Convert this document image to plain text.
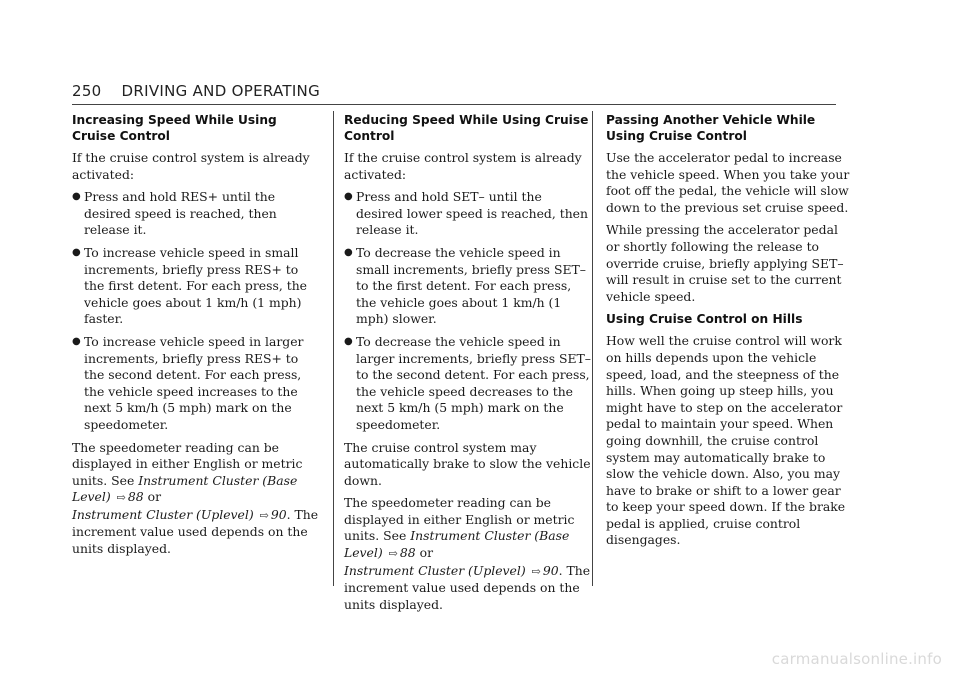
250 DRIVING AND OPERATING
Increasing Speed While Using Cruise Control

If the cruise control system is already activated:

● Press and hold RES+ until the desired speed is reached, then release it.
● To increase vehicle speed in small increments, briefly press RES+ to the first detent. For each press, the vehicle goes about 1 km/h (1 mph) faster.
● To increase vehicle speed in larger increments, briefly press RES+ to the second detent. For each press, the vehicle speed increases to the next 5 km/h (5 mph) mark on the speedometer.

The speedometer reading can be displayed in either English or metric units. See Instrument Cluster (Base Level) ⇨ 88 or
Instrument Cluster (Uplevel) ⇨ 90. The increment value used depends on the units displayed.

Reducing Speed While Using Cruise Control

If the cruise control system is already activated:

● Press and hold SET– until the desired lower speed is reached, then release it.
● To decrease the vehicle speed in small increments, briefly press SET– to the first detent. For each press, the vehicle goes about 1 km/h (1 mph) slower.
● To decrease the vehicle speed in larger increments, briefly press SET– to the second detent. For each press, the vehicle speed decreases to the next 5 km/h (5 mph) mark on the speedometer.

The cruise control system may automatically brake to slow the vehicle down.

The speedometer reading can be displayed in either English or metric units. See Instrument Cluster (Base Level) ⇨ 88 or
Instrument Cluster (Uplevel) ⇨ 90. The increment value used depends on the units displayed.

Passing Another Vehicle While Using Cruise Control

Use the accelerator pedal to increase the vehicle speed. When you take your foot off the pedal, the vehicle will slow down to the previous set cruise speed.

While pressing the accelerator pedal or shortly following the release to override cruise, briefly applying SET– will result in cruise set to the current vehicle speed.

Using Cruise Control on Hills

How well the cruise control will work on hills depends upon the vehicle speed, load, and the steepness of the hills. When going up steep hills, you might have to step on the accelerator pedal to maintain your speed. When going downhill, the cruise control system may automatically brake to slow the vehicle down. Also, you may have to brake or shift to a lower gear to keep your speed down. If the brake pedal is applied, cruise control disengages.

carmanualsonline.info
